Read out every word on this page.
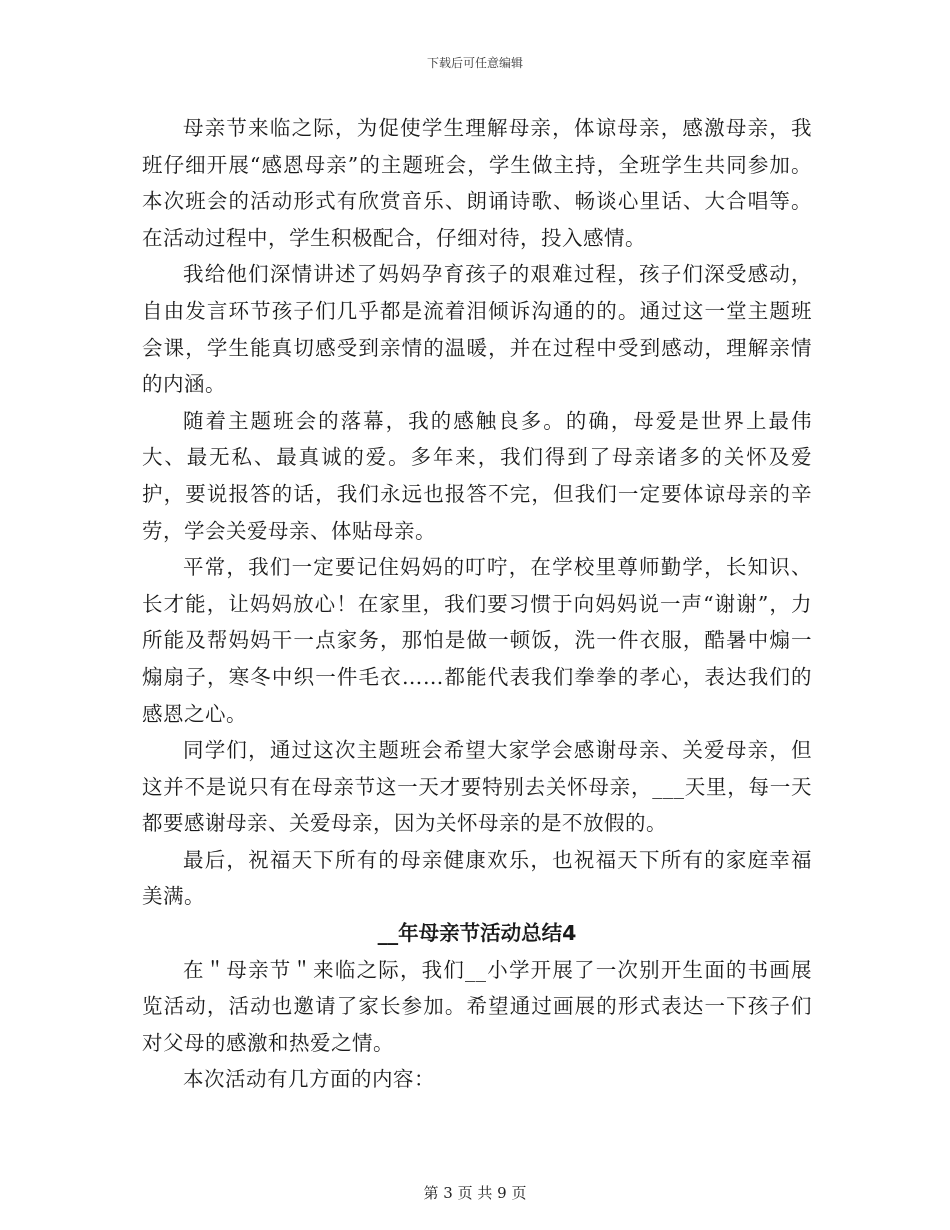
下载后可任意编辑

母亲节来临之际，为促使学生理解母亲，体谅母亲，感激母亲，我班仔细开展“感恩母亲”的主题班会，学生做主持，全班学生共同参加。本次班会的活动形式有欣赏音乐、朗诵诗歌、畅谈心里话、大合唱等。在活动过程中，学生积极配合，仔细对待，投入感情。

我给他们深情讲述了妈妈孕育孩子的艰难过程，孩子们深受感动，自由发言环节孩子们几乎都是流着泪倾诉沟通的的。通过这一堂主题班会课，学生能真切感受到亲情的温暖，并在过程中受到感动，理解亲情的内涵。

随着主题班会的落幕，我的感触良多。的确，母爱是世界上最伟大、最无私、最真诚的爱。多年来，我们得到了母亲诸多的关怀及爱护，要说报答的话，我们永远也报答不完，但我们一定要体谅母亲的辛劳，学会关爱母亲、体贴母亲。

平常，我们一定要记住妈妈的叮咛，在学校里尊师勤学，长知识、长才能，让妈妈放心！在家里，我们要习惯于向妈妈说一声“谢谢”，力所能及帮妈妈干一点家务，那怕是做一顿饭，洗一件衣服，酷暑中煽一煽扇子，寒冬中织一件毛衣……都能代表我们拳拳的孝心，表达我们的感恩之心。

同学们，通过这次主题班会希望大家学会感谢母亲、关爱母亲，但这并不是说只有在母亲节这一天才要特别去关怀母亲，___天里，每一天都要感谢母亲、关爱母亲，因为关怀母亲的是不放假的。

最后，祝福天下所有的母亲健康欢乐，也祝福天下所有的家庭幸福美满。

__年母亲节活动总结4

在＂母亲节＂来临之际，我们__小学开展了一次别开生面的书画展览活动，活动也邀请了家长参加。希望通过画展的形式表达一下孩子们对父母的感激和热爱之情。

本次活动有几方面的内容：

第 3 页 共 9 页
